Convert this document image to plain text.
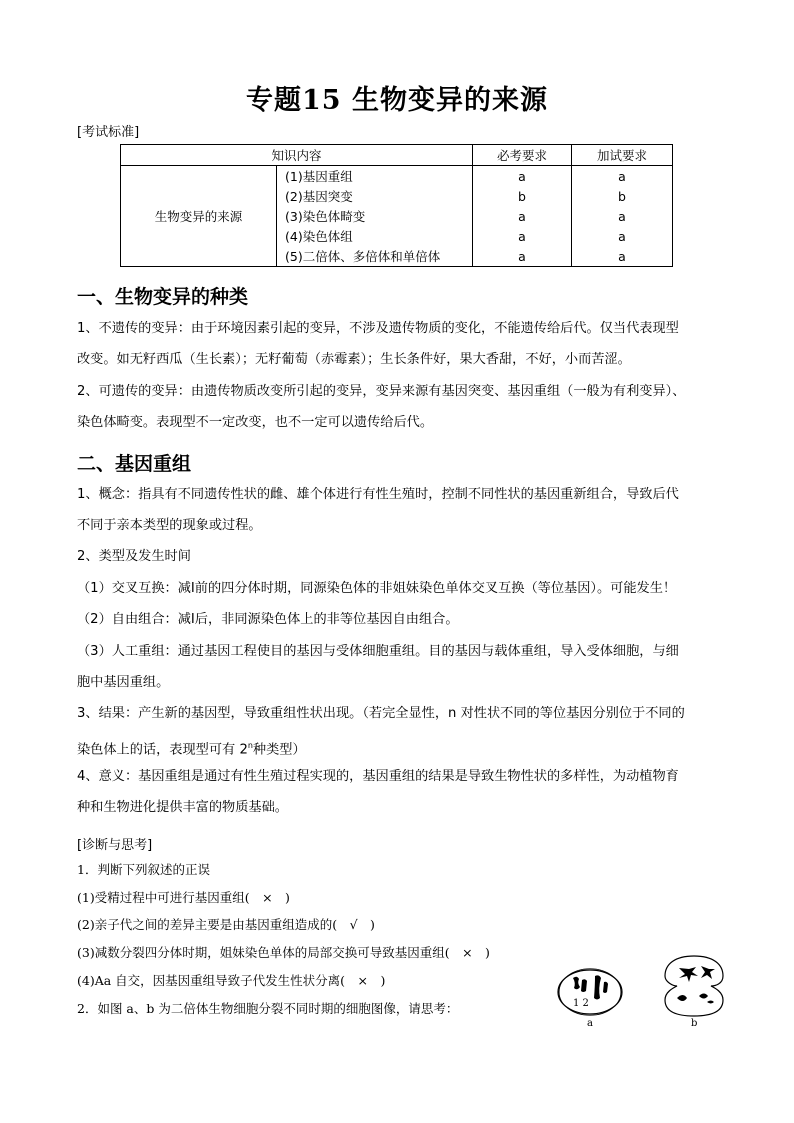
专题15 生物变异的来源
[考试标准]
知识内容		必考要求	加试要求
生物变异的来源	(1)基因重组	a	a
	(2)基因突变	b	b
	(3)染色体畸变	a	a
	(4)染色体组	a	a
	(5)二倍体、多倍体和单倍体	a	a
一、生物变异的种类
1、不遗传的变异：由于环境因素引起的变异，不涉及遗传物质的变化，不能遗传给后代。仅当代表现型
改变。如无籽西瓜（生长素）；无籽葡萄（赤霉素）；生长条件好，果大香甜，不好，小而苦涩。
2、可遗传的变异：由遗传物质改变所引起的变异，变异来源有基因突变、基因重组（一般为有利变异）、
染色体畸变。表现型不一定改变，也不一定可以遗传给后代。
二、基因重组
1、概念：指具有不同遗传性状的雌、雄个体进行有性生殖时，控制不同性状的基因重新组合，导致后代
不同于亲本类型的现象或过程。
2、类型及发生时间
（1）交叉互换：减Ⅰ前的四分体时期，同源染色体的非姐妹染色单体交叉互换（等位基因）。可能发生！
（2）自由组合：减Ⅰ后，非同源染色体上的非等位基因自由组合。
（3）人工重组：通过基因工程使目的基因与受体细胞重组。目的基因与载体重组，导入受体细胞，与细
胞中基因重组。
3、结果：产生新的基因型，导致重组性状出现。（若完全显性，n 对性状不同的等位基因分别位于不同的
染色体上的话，表现型可有 2$^n$种类型）
4、意义：基因重组是通过有性生殖过程实现的，基因重组的结果是导致生物性状的多样性，为动植物育
种和生物进化提供丰富的物质基础。
[诊断与思考]
1．判断下列叙述的正误
(1)受精过程中可进行基因重组(　×　)
(2)亲子代之间的差异主要是由基因重组造成的(　√　)
(3)减数分裂四分体时期，姐妹染色单体的局部交换可导致基因重组(　×　)
(4)Aa 自交，因基因重组导致子代发生性状分离(　×　)
2．如图 a、b 为二倍体生物细胞分裂不同时期的细胞图像，请思考：	1 2
a	b
